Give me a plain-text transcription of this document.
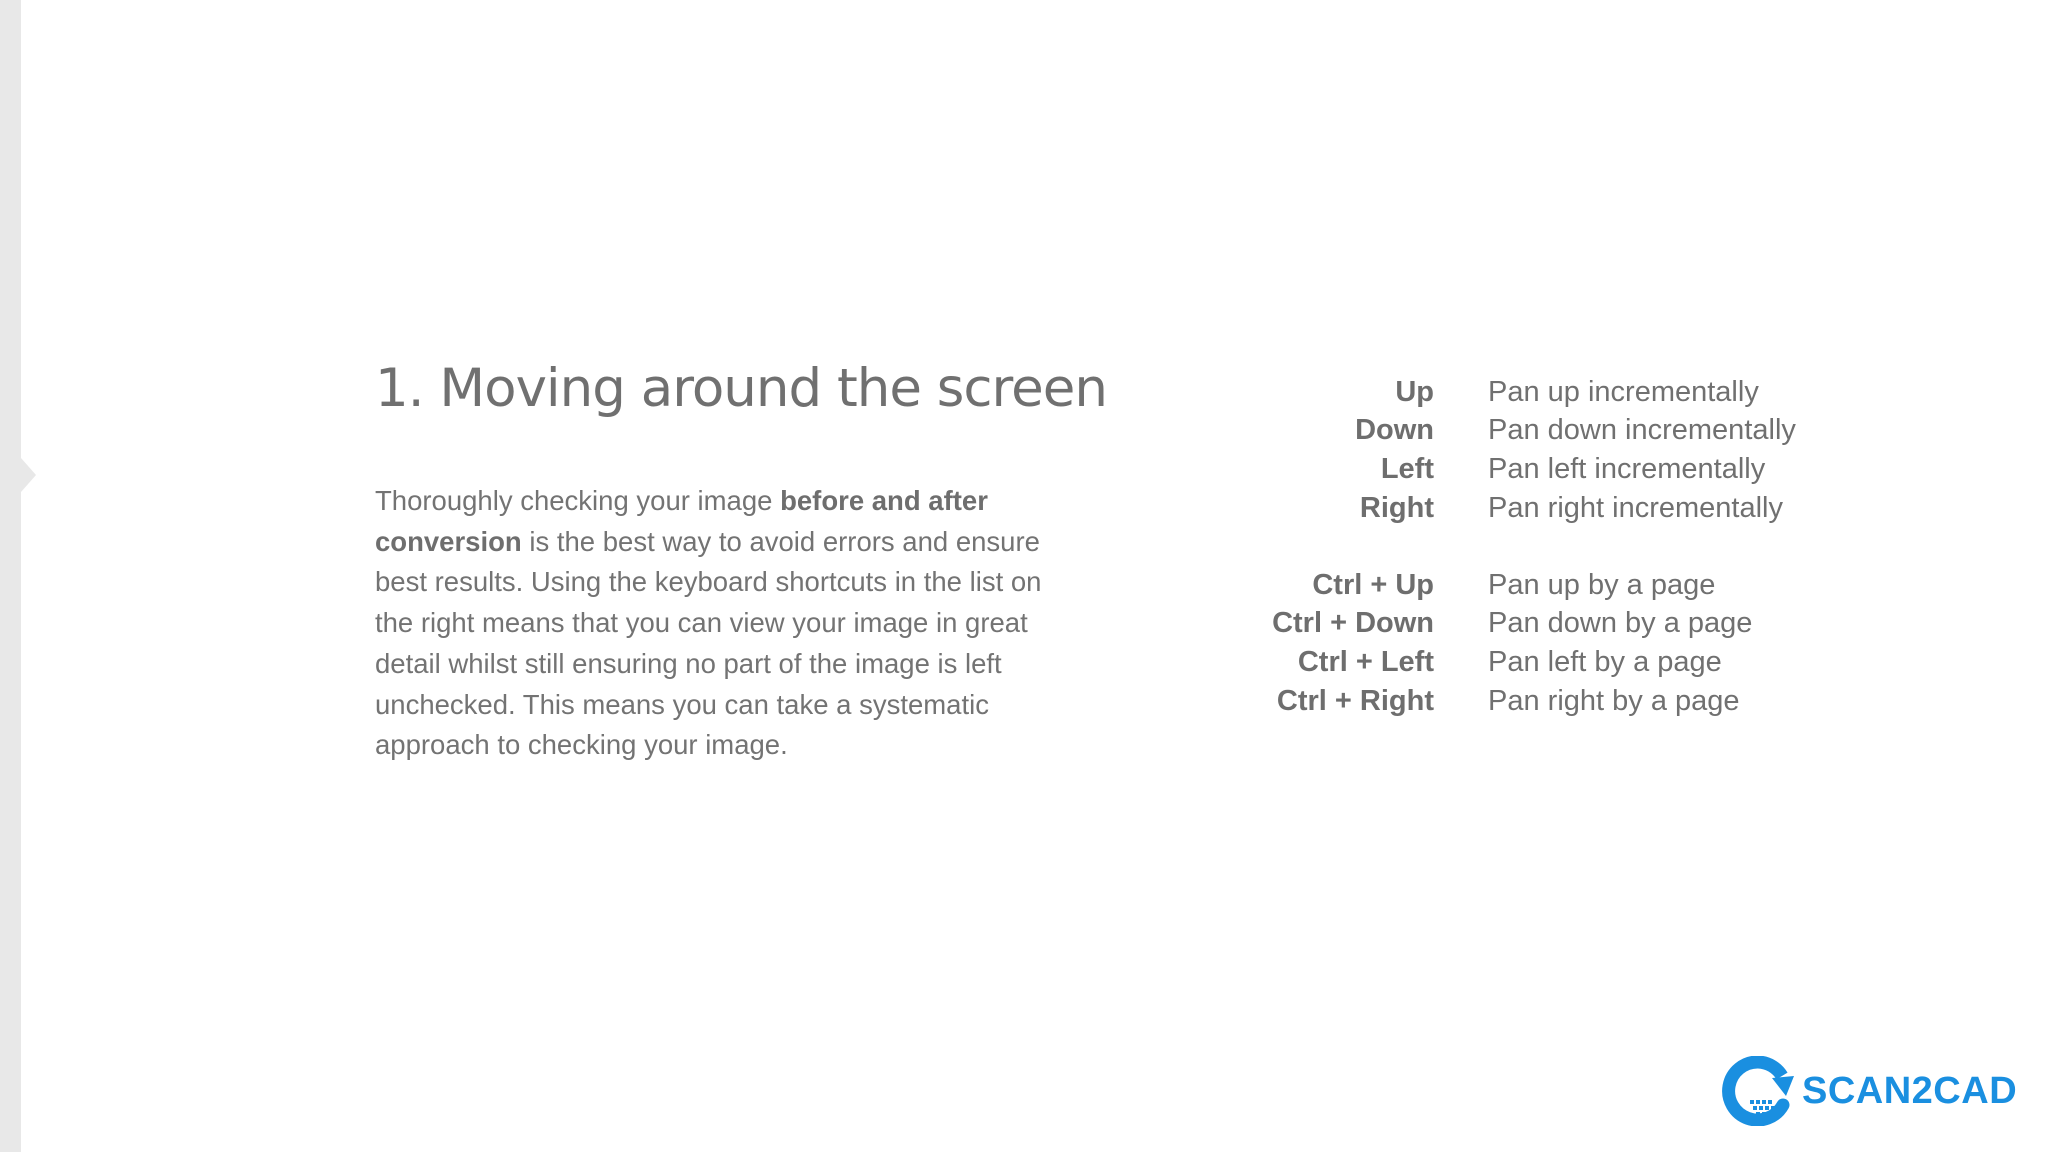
1. Moving around the screen

Thoroughly checking your image before and after conversion is the best way to avoid errors and ensure best results. Using the keyboard shortcuts in the list on the right means that you can view your image in great detail whilst still ensuring no part of the image is left unchecked. This means you can take a systematic approach to checking your image.

Up Pan up incrementally
Down Pan down incrementally
Left Pan left incrementally
Right Pan right incrementally
Ctrl + Up Pan up by a page
Ctrl + Down Pan down by a page
Ctrl + Left Pan left by a page
Ctrl + Right Pan right by a page
SCAN2CAD
